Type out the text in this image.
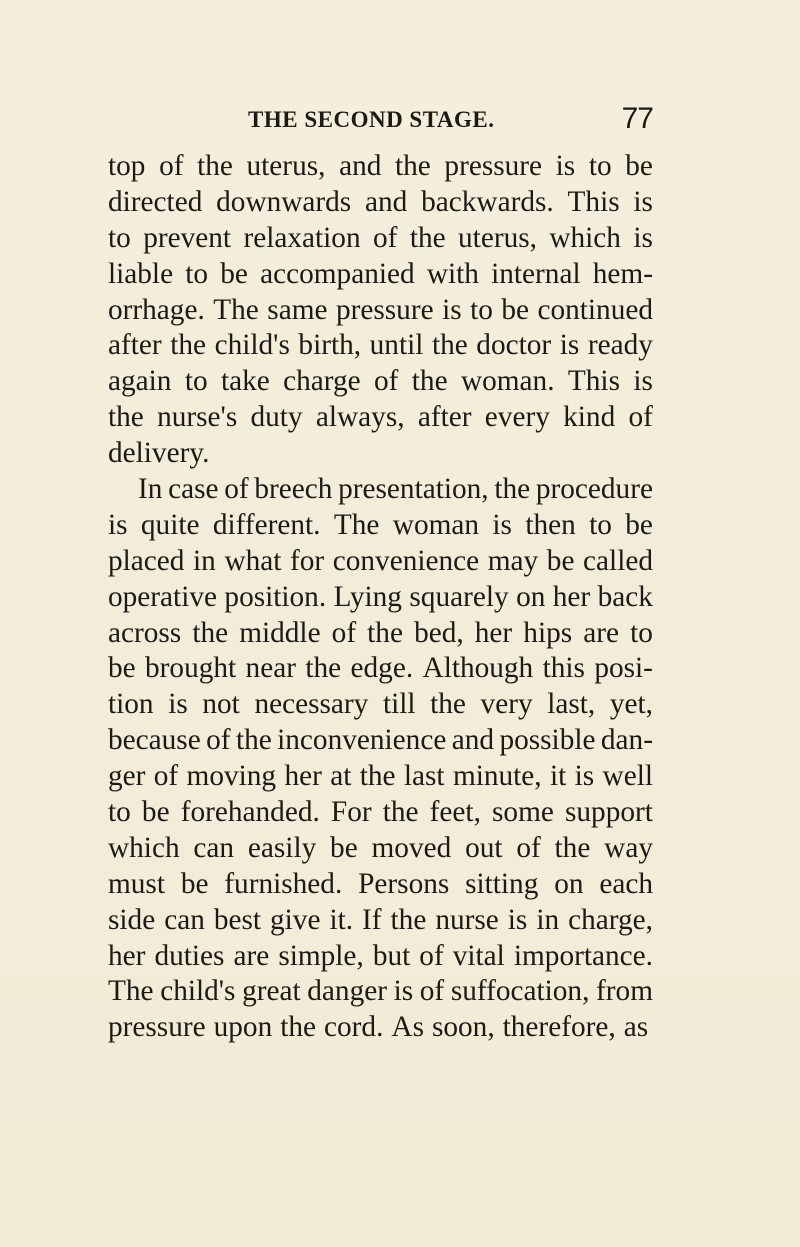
THE SECOND STAGE.	77
top of the uterus, and the pressure is to be
directed downwards and backwards. This is
to prevent relaxation of the uterus, which is
liable to be accompanied with internal hem-
orrhage. The same pressure is to be continued
after the child's birth, until the doctor is ready
again to take charge of the woman. This is
the nurse's duty always, after every kind of
delivery.
In case of breech presentation, the procedure
is quite different. The woman is then to be
placed in what for convenience may be called
operative position. Lying squarely on her back
across the middle of the bed, her hips are to
be brought near the edge. Although this posi-
tion is not necessary till the very last, yet,
because of the inconvenience and possible dan-
ger of moving her at the last minute, it is well
to be forehanded. For the feet, some support
which can easily be moved out of the way
must be furnished. Persons sitting on each
side can best give it. If the nurse is in charge,
her duties are simple, but of vital importance.
The child's great danger is of suffocation, from
pressure upon the cord. As soon, therefore, as
